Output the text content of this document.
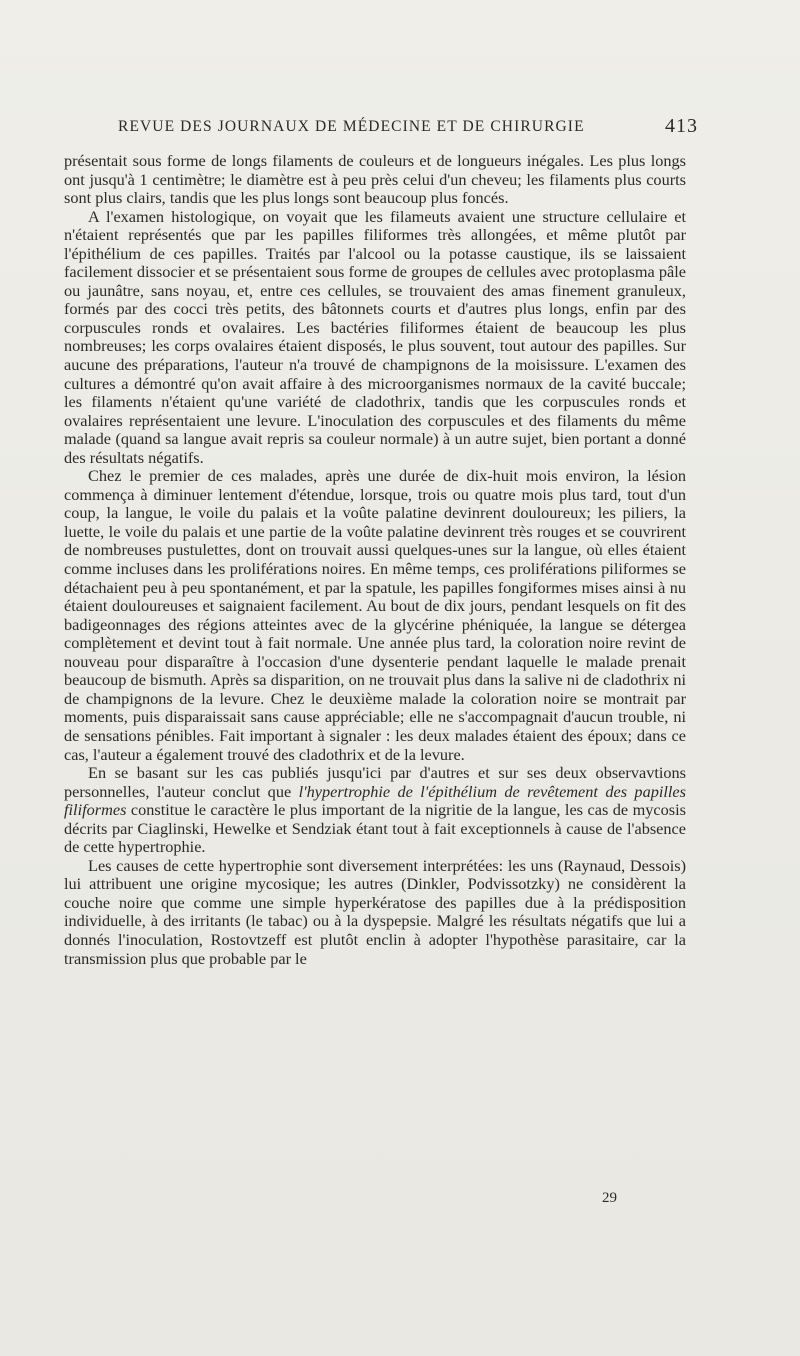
REVUE DES JOURNAUX DE MÉDECINE ET DE CHIRURGIE	413

présentait sous forme de longs filaments de couleurs et de longueurs inégales. Les plus longs ont jusqu'à 1 centimètre; le diamètre est à peu près celui d'un cheveu; les filaments plus courts sont plus clairs, tandis que les plus longs sont beaucoup plus foncés.

A l'examen histologique, on voyait que les filameuts avaient une structure cellulaire et n'étaient représentés que par les papilles filiformes très allongées, et même plutôt par l'épithélium de ces papilles. Traités par l'alcool ou la potasse caustique, ils se laissaient facilement dissocier et se présentaient sous forme de groupes de cellules avec protoplasma pâle ou jaunâtre, sans noyau, et, entre ces cellules, se trouvaient des amas finement granuleux, formés par des cocci très petits, des bâtonnets courts et d'autres plus longs, enfin par des corpuscules ronds et ovalaires. Les bactéries filiformes étaient de beaucoup les plus nombreuses; les corps ovalaires étaient disposés, le plus souvent, tout autour des papilles. Sur aucune des préparations, l'auteur n'a trouvé de champignons de la moisissure. L'examen des cultures a démontré qu'on avait affaire à des microorganismes normaux de la cavité buccale; les filaments n'étaient qu'une variété de cladothrix, tandis que les corpuscules ronds et ovalaires représentaient une levure. L'inoculation des corpuscules et des filaments du même malade (quand sa langue avait repris sa couleur normale) à un autre sujet, bien portant a donné des résultats négatifs.

Chez le premier de ces malades, après une durée de dix-huit mois environ, la lésion commença à diminuer lentement d'étendue, lorsque, trois ou quatre mois plus tard, tout d'un coup, la langue, le voile du palais et la voûte palatine devinrent douloureux; les piliers, la luette, le voile du palais et une partie de la voûte palatine devinrent très rouges et se couvrirent de nombreuses pustulettes, dont on trouvait aussi quelques-unes sur la langue, où elles étaient comme incluses dans les proliférations noires. En même temps, ces proliférations piliformes se détachaient peu à peu spontanément, et par la spatule, les papilles fongiformes mises ainsi à nu étaient douloureuses et saignaient facilement. Au bout de dix jours, pendant lesquels on fit des badigeonnages des régions atteintes avec de la glycérine phéniquée, la langue se détergea complètement et devint tout à fait normale. Une année plus tard, la coloration noire revint de nouveau pour disparaître à l'occasion d'une dysenterie pendant laquelle le malade prenait beaucoup de bismuth. Après sa disparition, on ne trouvait plus dans la salive ni de cladothrix ni de champignons de la levure. Chez le deuxième malade la coloration noire se montrait par moments, puis disparaissait sans cause appréciable; elle ne s'accompagnait d'aucun trouble, ni de sensations pénibles. Fait important à signaler : les deux malades étaient des époux; dans ce cas, l'auteur a également trouvé des cladothrix et de la levure.

En se basant sur les cas publiés jusqu'ici par d'autres et sur ses deux observavtions personnelles, l'auteur conclut que l'hypertrophie de l'épithélium de revêtement des papilles filiformes constitue le caractère le plus important de la nigritie de la langue, les cas de mycosis décrits par Ciaglinski, Hewelke et Sendziak étant tout à fait exceptionnels à cause de l'absence de cette hypertrophie.

Les causes de cette hypertrophie sont diversement interprétées: les uns (Raynaud, Dessois) lui attribuent une origine mycosique; les autres (Dinkler, Podvissotzky) ne considèrent la couche noire que comme une simple hyperkératose des papilles due à la prédisposition individuelle, à des irritants (le tabac) ou à la dyspepsie. Malgré les résultats négatifs que lui a donnés l'inoculation, Rostovtzeff est plutôt enclin à adopter l'hypothèse parasitaire, car la transmission plus que probable par le

29
